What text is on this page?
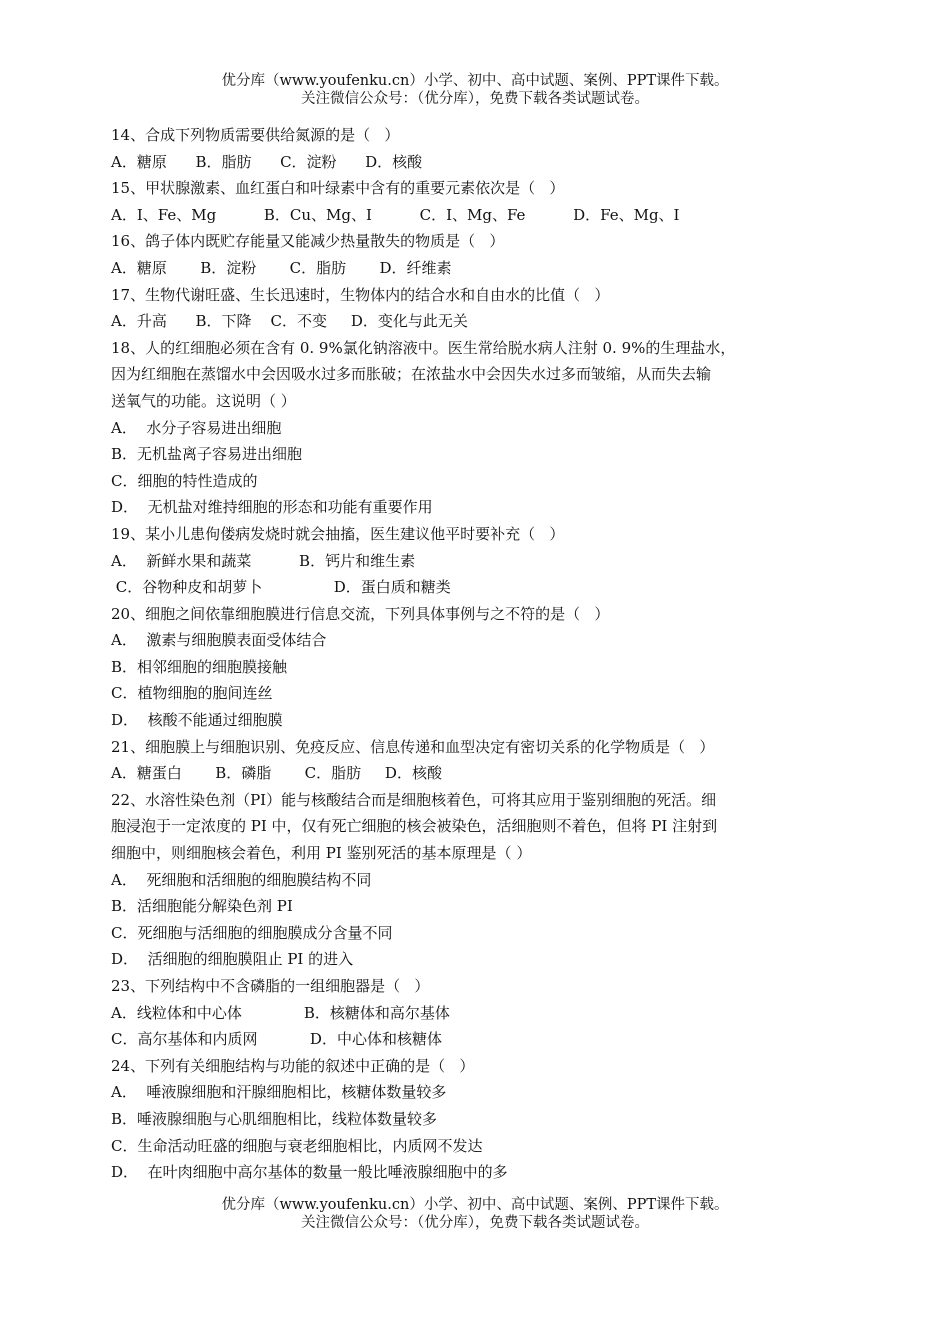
优分库（www.youfenku.cn）小学、初中、高中试题、案例、PPT课件下载。
关注微信公众号：（优分库），免费下载各类试题试卷。
14、合成下列物质需要供给氮源的是（   ）
A．糖原      B．脂肪      C．淀粉      D．核酸
15、甲状腺激素、血红蛋白和叶绿素中含有的重要元素依次是（   ）
A．I、Fe、Mg          B．Cu、Mg、I          C．I、Mg、Fe          D．Fe、Mg、I
16、鸽子体内既贮存能量又能减少热量散失的物质是（   ）
A．糖原       B．淀粉       C．脂肪       D．纤维素
17、生物代谢旺盛、生长迅速时，生物体内的结合水和自由水的比值（   ）
A．升高      B．下降    C．不变     D．变化与此无关
18、人的红细胞必须在含有 0. 9%氯化钠溶液中。医生常给脱水病人注射 0. 9%的生理盐水，
因为红细胞在蒸馏水中会因吸水过多而胀破；在浓盐水中会因失水过多而皱缩，从而失去输
送氧气的功能。这说明（ ）
A．  水分子容易进出细胞
B．无机盐离子容易进出细胞
C．细胞的特性造成的
D．  无机盐对维持细胞的形态和功能有重要作用
19、某小儿患佝偻病发烧时就会抽搐，医生建议他平时要补充（   ）
A．  新鲜水果和蔬菜          B．钙片和维生素
C．谷物种皮和胡萝卜               D．蛋白质和糖类
20、细胞之间依靠细胞膜进行信息交流，下列具体事例与之不符的是（   ）
A．  激素与细胞膜表面受体结合
B．相邻细胞的细胞膜接触
C．植物细胞的胞间连丝
D．  核酸不能通过细胞膜
21、细胞膜上与细胞识别、免疫反应、信息传递和血型决定有密切关系的化学物质是（   ）
A．糖蛋白       B．磷脂       C．脂肪     D．核酸
22、水溶性染色剂（PI）能与核酸结合而是细胞核着色，可将其应用于鉴别细胞的死活。细
胞浸泡于一定浓度的 PI 中，仅有死亡细胞的核会被染色，活细胞则不着色，但将 PI 注射到
细胞中，则细胞核会着色，利用 PI 鉴别死活的基本原理是（ ）
A．  死细胞和活细胞的细胞膜结构不同
B．活细胞能分解染色剂 PI
C．死细胞与活细胞的细胞膜成分含量不同
D．  活细胞的细胞膜阻止 PI 的进入
23、下列结构中不含磷脂的一组细胞器是（   ）
A．线粒体和中心体             B．核糖体和高尔基体
C．高尔基体和内质网           D．中心体和核糖体
24、下列有关细胞结构与功能的叙述中正确的是（   ）
A．  唾液腺细胞和汗腺细胞相比，核糖体数量较多
B．唾液腺细胞与心肌细胞相比，线粒体数量较多
C．生命活动旺盛的细胞与衰老细胞相比，内质网不发达
D．  在叶肉细胞中高尔基体的数量一般比唾液腺细胞中的多
优分库（www.youfenku.cn）小学、初中、高中试题、案例、PPT课件下载。
关注微信公众号：（优分库），免费下载各类试题试卷。
